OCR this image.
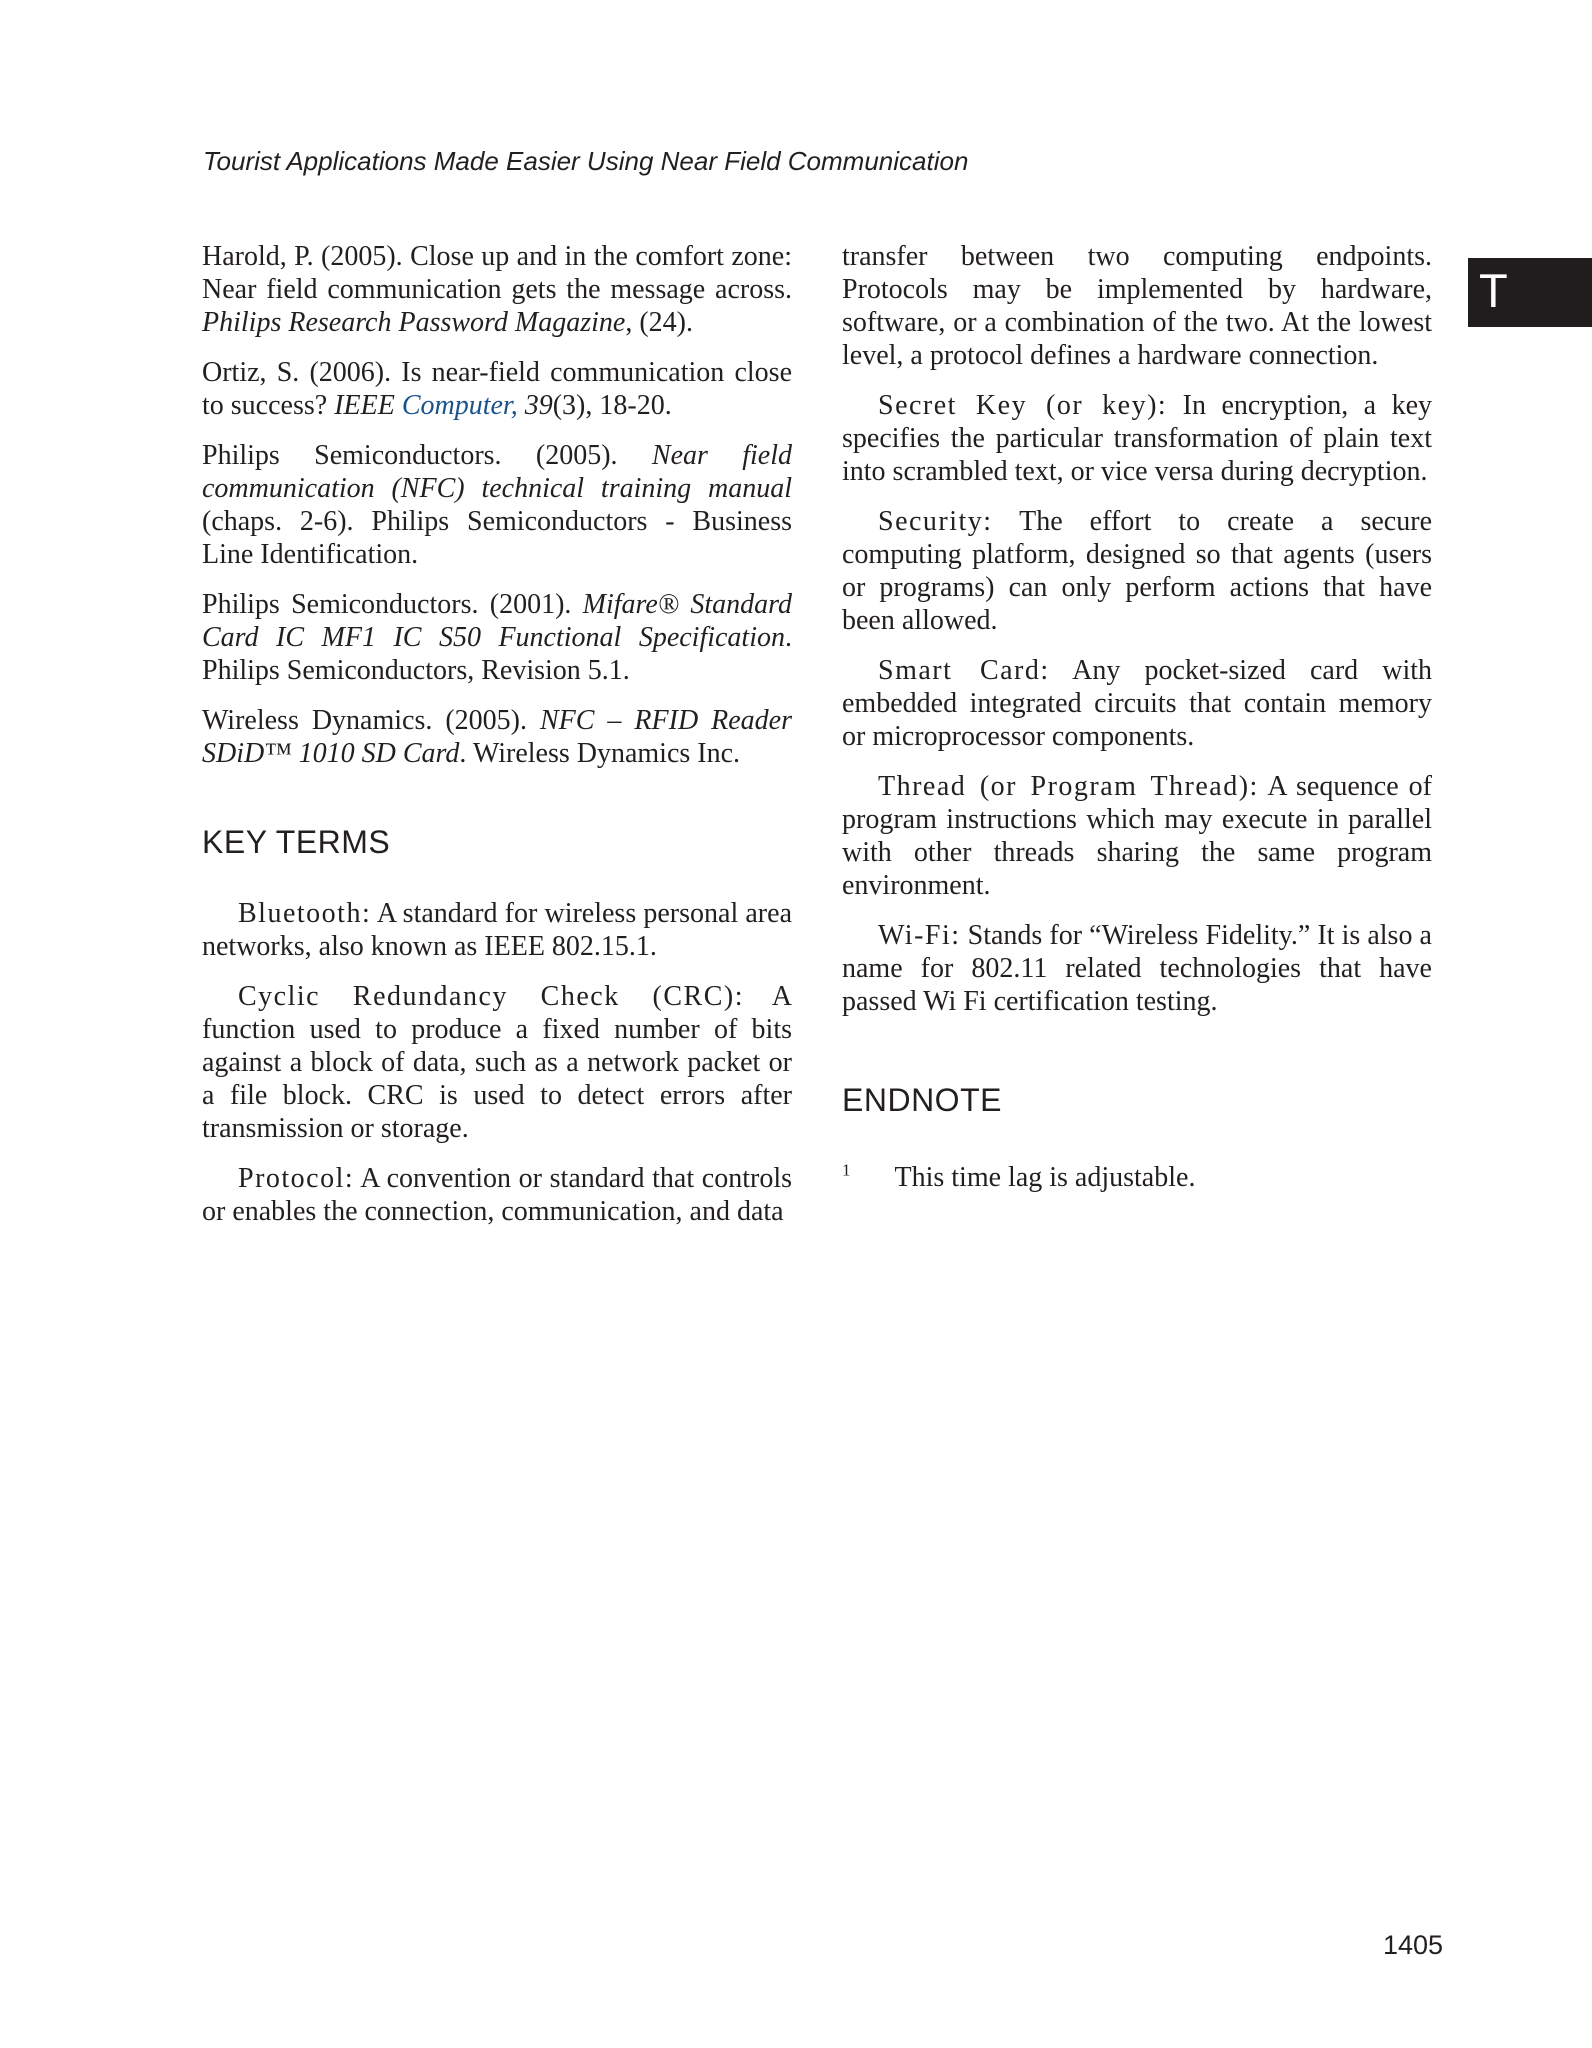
Tourist Applications Made Easier Using Near Field Communication
T

Harold, P. (2005). Close up and in the comfort zone: Near field communication gets the message across. Philips Research Password Magazine, (24).

Ortiz, S. (2006). Is near-field communication close to success? IEEE Computer, 39(3), 18-20.

Philips Semiconductors. (2005). Near field communication (NFC) technical training manual (chaps. 2-6). Philips Semiconductors - Business Line Identification.

Philips Semiconductors. (2001). Mifare® Standard Card IC MF1 IC S50 Functional Specification. Philips Semiconductors, Revision 5.1.

Wireless Dynamics. (2005). NFC – RFID Reader SDiD™ 1010 SD Card. Wireless Dynamics Inc.

KEY TERMS

Bluetooth: A standard for wireless personal area networks, also known as IEEE 802.15.1.

Cyclic Redundancy Check (CRC): A function used to produce a fixed number of bits against a block of data, such as a network packet or a file block. CRC is used to detect errors after transmission or storage.

Protocol: A convention or standard that controls or enables the connection, communication, and data

transfer between two computing endpoints. Protocols may be implemented by hardware, software, or a combination of the two. At the lowest level, a protocol defines a hardware connection.

Secret Key (or key): In encryption, a key specifies the particular transformation of plain text into scrambled text, or vice versa during decryption.

Security: The effort to create a secure computing platform, designed so that agents (users or programs) can only perform actions that have been allowed.

Smart Card: Any pocket-sized card with embedded integrated circuits that contain memory or microprocessor components.

Thread (or Program Thread): A sequence of program instructions which may execute in parallel with other threads sharing the same program environment.

Wi-Fi: Stands for “Wireless Fidelity.” It is also a name for 802.11 related technologies that have passed Wi Fi certification testing.

ENDNOTE

$^1$ This time lag is adjustable.

1405
